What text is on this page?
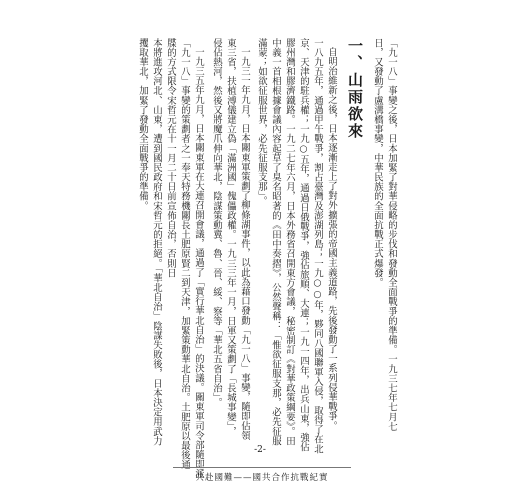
「九一八」事變之後，日本加緊了對華侵略的步伐和發動全面戰爭的準備。一九三七年七月七
日，又發動了盧溝橋事變，中華民族的全面抗戰正式爆發。
一、山雨欲來
自明治維新之後，日本逐漸走上了對外擴張的帝國主義道路，先後發動了一系列侵華戰爭。
一八九五年，通過甲午戰爭，割占臺灣及澎湖列島；一九○○年，夥同八國聯軍入侵，取得了在北
京、天津的駐兵權；一九○五年，通過日俄戰爭，強佔旅順、大連；一九一四年，出兵山東，強佔
膠州灣和膠濟鐵路。一九二七年六月，日本外務省召開東方會議，秘密制訂《對華政策綱要》。田
中義一首相根據會議內容起草了臭名昭著的《田中奏摺》，公然聲稱：「惟欲征服支那，必先征服
滿蒙；如欲征服世界，必先征服支那」。
一九三一年九月，日本關東軍策劃了柳條湖事件，以此為藉口發動「九一八」事變，隨即佔領
東三省，扶植溥儀建立偽「滿洲國」傀儡政權。一九三三年一月，日軍又策劃了「長城事變」，
侵佔熱河，然後又將魔爪伸向華北，陰謀策動冀、魯、晉、綏、察等「華北五省自治」。
一九三五年九月，日本關東軍在大連召開會議，通過了「實行華北自治」的決議。關東軍司令部隨即派
「九一八」事變的策劃者之一奉天特務機關長土肥原賢二到天津，加緊策動華北自治。土肥原以最後通
牒的方式限令宋哲元在十一月二十日前宣佈自治，否則日
本將進攻河北、山東，遭到國民政府和宋哲元的拒絕。「華北自治」陰謀失敗後，日本決定用武力
攫取華北，加緊了發動全面戰爭的準備。
-2-
共赴國難——國共合作抗戰紀實
